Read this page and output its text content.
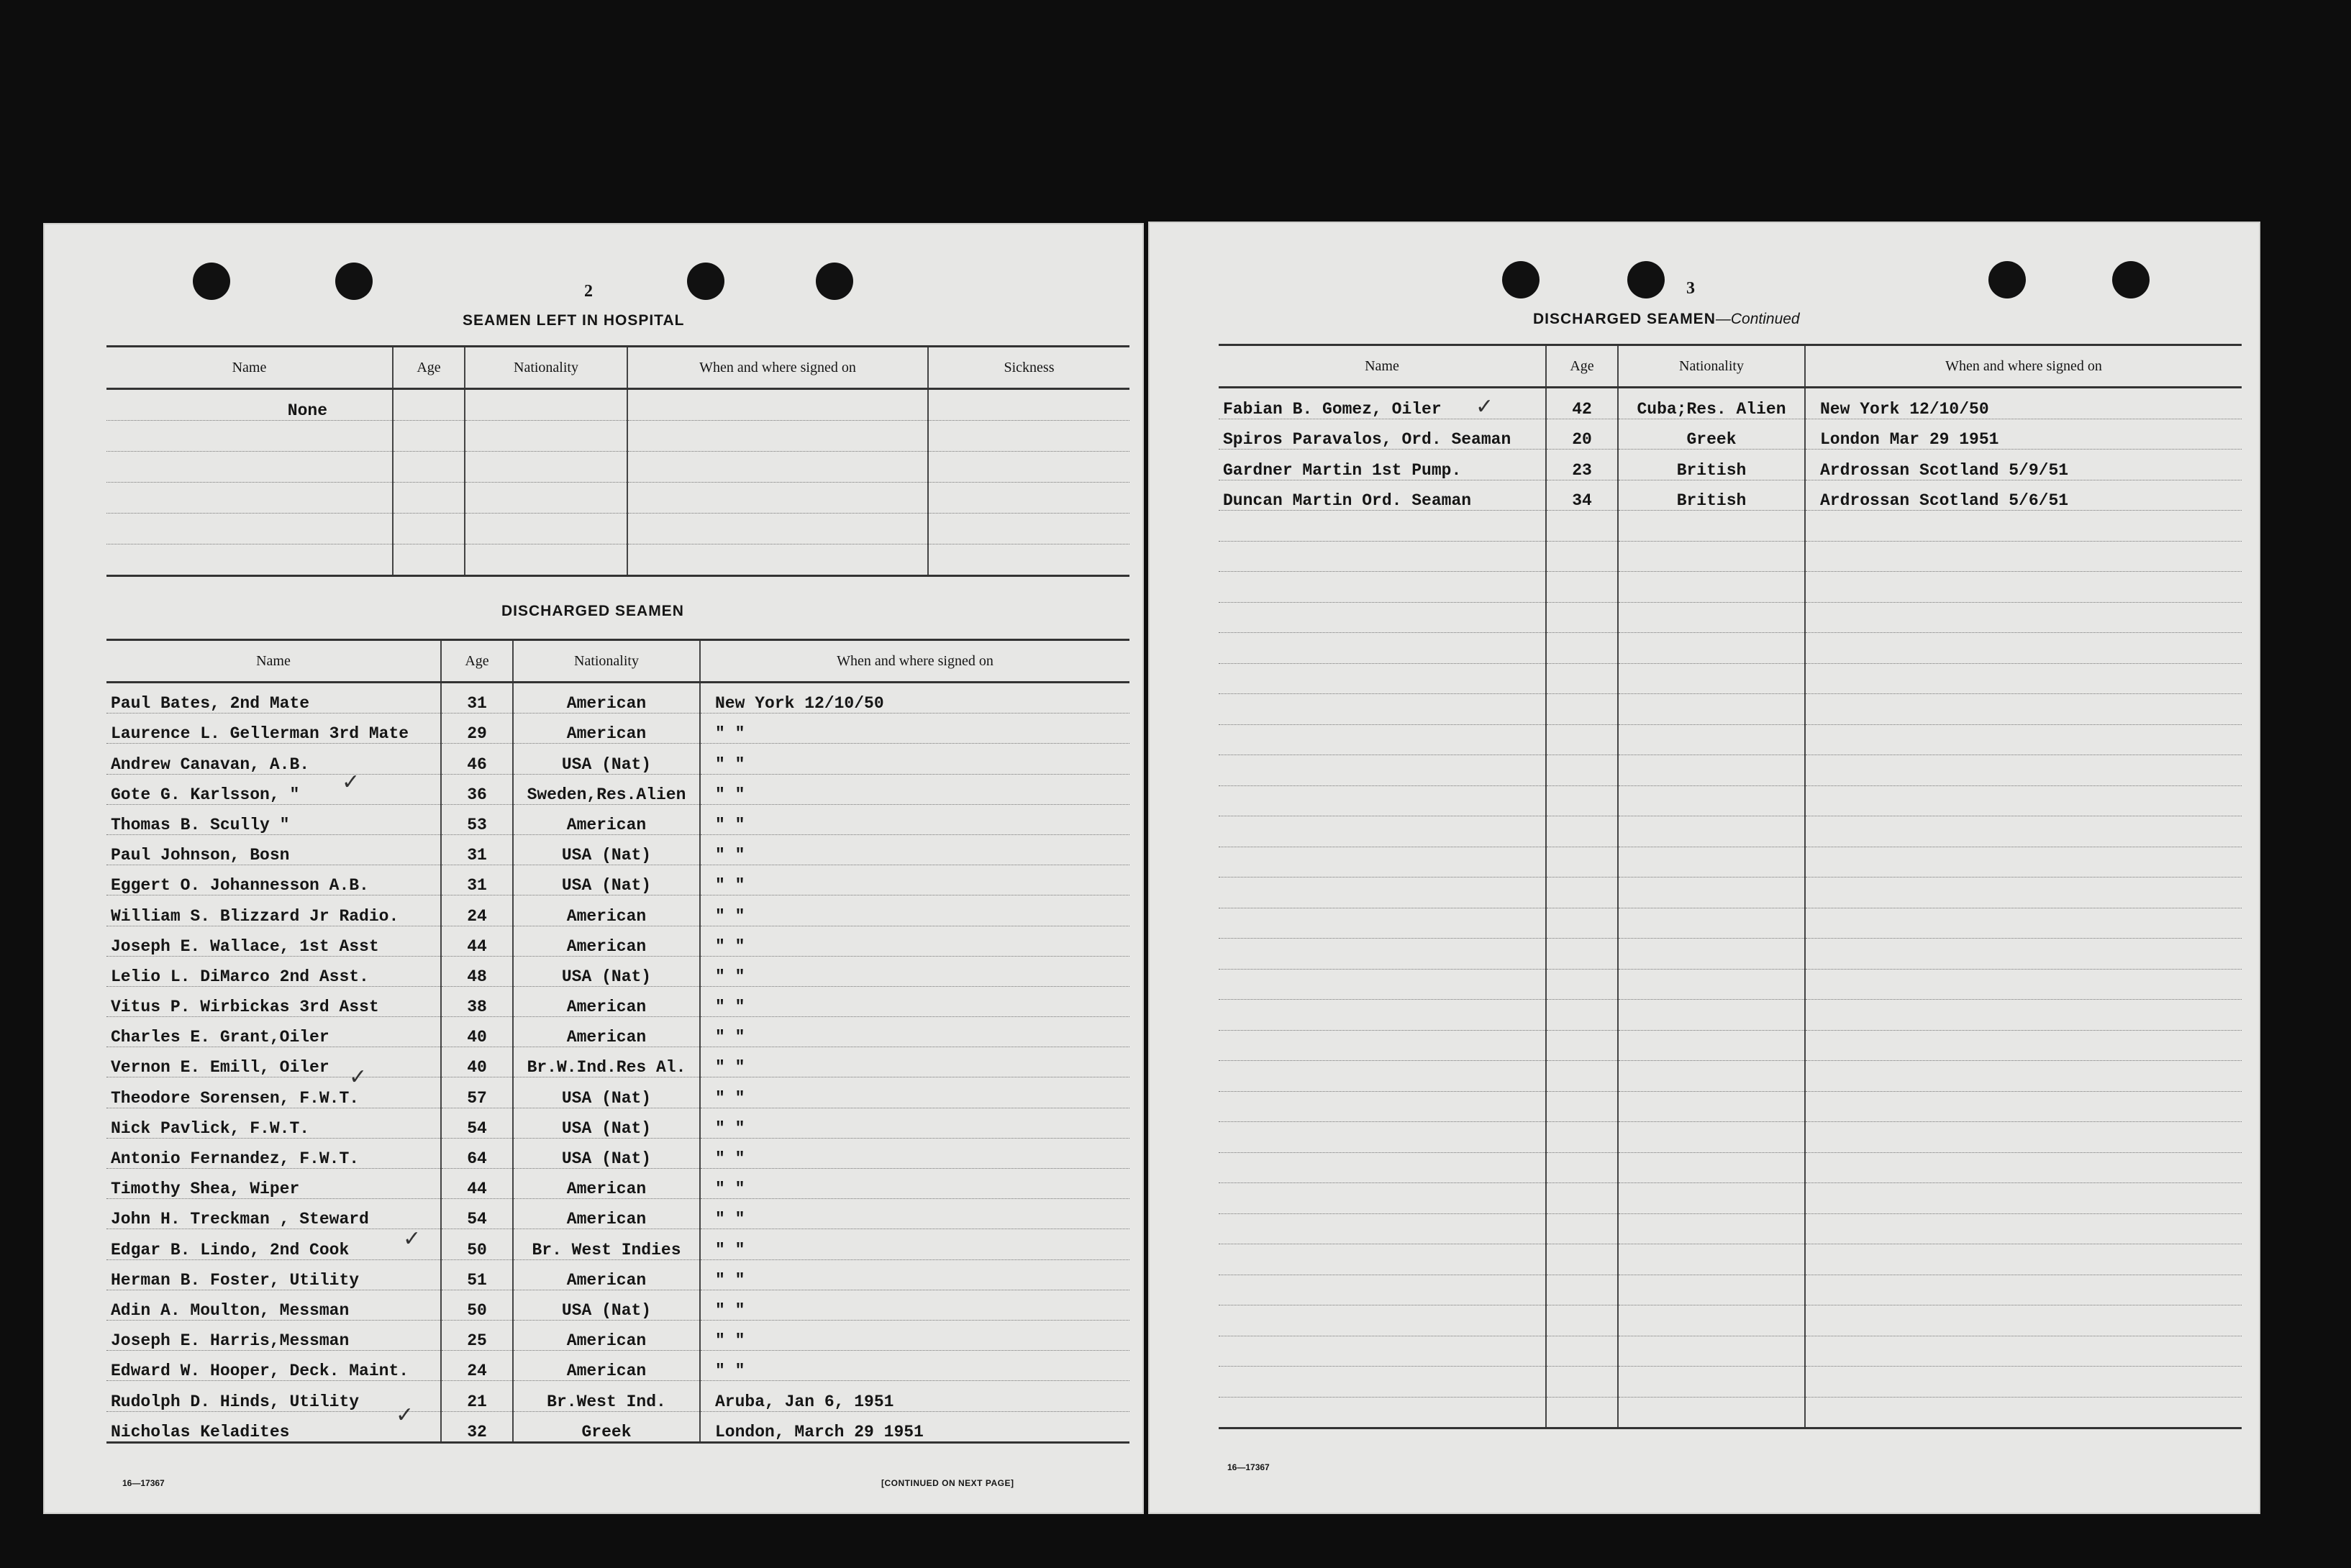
2
SEAMEN LEFT IN HOSPITAL
Name	Age	Nationality	When and where signed on	Sickness
None				

DISCHARGED SEAMEN
Name	Age	Nationality	When and where signed on
Paul Bates, 2nd Mate	31	American	New York 12/10/50
Laurence L. Gellerman 3rd Mate	29	American	" "
Andrew Canavan, A.B.	46	USA (Nat)	" "
Gote G. Karlsson, "	36	Sweden,Res.Alien	" "
Thomas B. Scully "	53	American	" "
Paul Johnson, Bosn	31	USA (Nat)	" "
Eggert O. Johannesson A.B.	31	USA (Nat)	" "
William S. Blizzard Jr Radio.	24	American	" "
Joseph E. Wallace, 1st Asst	44	American	" "
Lelio L. DiMarco 2nd Asst.	48	USA (Nat)	" "
Vitus P. Wirbickas 3rd Asst	38	American	" "
Charles E. Grant,Oiler	40	American	" "
Vernon E. Emill, Oiler	40	Br.W.Ind.Res Al.	" "
Theodore Sorensen, F.W.T.	57	USA (Nat)	" "
Nick Pavlick, F.W.T.	54	USA (Nat)	" "
Antonio Fernandez, F.W.T.	64	USA (Nat)	" "
Timothy Shea, Wiper	44	American	" "
John H. Treckman , Steward	54	American	" "
Edgar B. Lindo, 2nd Cook	50	Br. West Indies	" "
Herman B. Foster, Utility	51	American	" "
Adin A. Moulton, Messman	50	USA (Nat)	" "
Joseph E. Harris,Messman	25	American	" "
Edward W. Hooper, Deck. Maint.	24	American	" "
Rudolph D. Hinds, Utility	21	Br.West Ind.	Aruba, Jan 6, 1951
Nicholas Keladites	32	Greek	London, March 29 1951
16—17367	[CONTINUED ON NEXT PAGE]
✓
✓
✓
✓
3
DISCHARGED SEAMEN—Continued
Name	Age	Nationality	When and where signed on
Fabian B. Gomez, Oiler	42	Cuba;Res. Alien	New York 12/10/50
Spiros Paravalos, Ord. Seaman	20	Greek	London Mar 29 1951
Gardner Martin 1st Pump.	23	British	Ardrossan Scotland 5/9/51
Duncan Martin Ord. Seaman	34	British	Ardrossan Scotland 5/6/51

16—17367
✓
